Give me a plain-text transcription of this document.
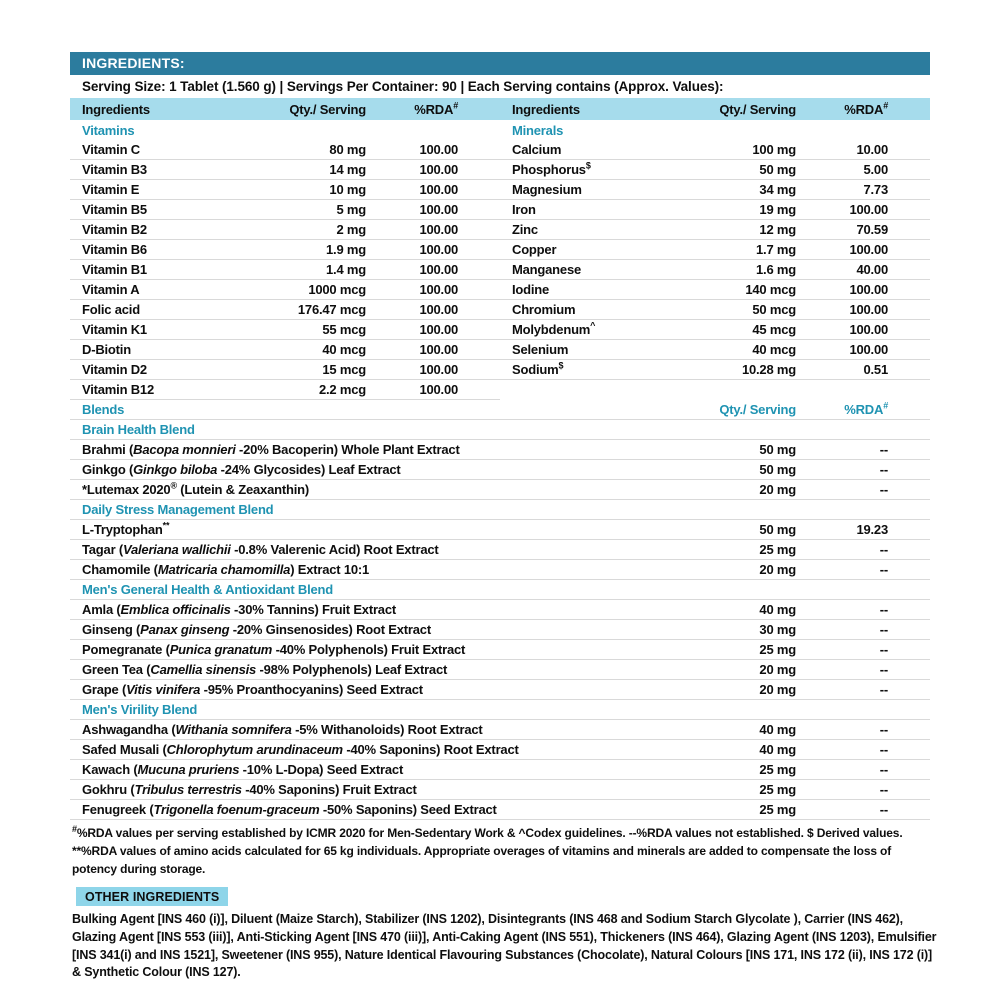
INGREDIENTS:
Serving Size: 1 Tablet (1.560 g) | Servings Per Container: 90 | Each Serving contains (Approx. Values):
Ingredients	Qty./ Serving	%RDA#	Ingredients	Qty./ Serving	%RDA#
Vitamins
Vitamin C	80 mg	100.00
Vitamin B3	14 mg	100.00
Vitamin E	10 mg	100.00
Vitamin B5	5 mg	100.00
Vitamin B2	2 mg	100.00
Vitamin B6	1.9 mg	100.00
Vitamin B1	1.4 mg	100.00
Vitamin A	1000 mcg	100.00
Folic acid	176.47 mcg	100.00
Vitamin K1	55 mcg	100.00
D-Biotin	40 mcg	100.00
Vitamin D2	15 mcg	100.00
Vitamin B12	2.2 mcg	100.00
Minerals
Calcium	100 mg	10.00
Phosphorus$	50 mg	5.00
Magnesium	34 mg	7.73
Iron	19 mg	100.00
Zinc	12 mg	70.59
Copper	1.7 mg	100.00
Manganese	1.6 mg	40.00
Iodine	140 mcg	100.00
Chromium	50 mcg	100.00
Molybdenum^	45 mcg	100.00
Selenium	40 mcg	100.00
Sodium$	10.28 mg	0.51
Blends	Qty./ Serving	%RDA#
Brain Health Blend
Brahmi (Bacopa monnieri -20% Bacoperin) Whole Plant Extract	50 mg	--
Ginkgo (Ginkgo biloba -24% Glycosides) Leaf Extract	50 mg	--
*Lutemax 2020® (Lutein & Zeaxanthin)	20 mg	--
Daily Stress Management Blend
L-Tryptophan**	50 mg	19.23
Tagar (Valeriana wallichii -0.8% Valerenic Acid) Root Extract	25 mg	--
Chamomile (Matricaria chamomilla) Extract 10:1	20 mg	--
Men's General Health & Antioxidant Blend
Amla (Emblica officinalis -30% Tannins) Fruit Extract	40 mg	--
Ginseng (Panax ginseng -20% Ginsenosides) Root Extract	30 mg	--
Pomegranate (Punica granatum -40% Polyphenols) Fruit Extract	25 mg	--
Green Tea (Camellia sinensis -98% Polyphenols) Leaf Extract	20 mg	--
Grape (Vitis vinifera -95% Proanthocyanins) Seed Extract	20 mg	--
Men's Virility Blend
Ashwagandha (Withania somnifera -5% Withanoloids) Root Extract	40 mg	--
Safed Musali (Chlorophytum arundinaceum -40% Saponins) Root Extract	40 mg	--
Kawach (Mucuna pruriens -10% L-Dopa) Seed Extract	25 mg	--
Gokhru (Tribulus terrestris -40% Saponins) Fruit Extract	25 mg	--
Fenugreek (Trigonella foenum-graceum -50% Saponins) Seed Extract	25 mg	--
#%RDA values per serving established by ICMR 2020 for Men-Sedentary Work & ^Codex guidelines. --%RDA values not established. $ Derived values. **%RDA values of amino acids calculated for 65 kg individuals. Appropriate overages of vitamins and minerals are added to compensate the loss of potency during storage.
OTHER INGREDIENTS
Bulking Agent [INS 460 (i)], Diluent (Maize Starch), Stabilizer (INS 1202), Disintegrants (INS 468 and Sodium Starch Glycolate ), Carrier (INS 462), Glazing Agent [INS 553 (iii)], Anti-Sticking Agent [INS 470 (iii)], Anti-Caking Agent (INS 551), Thickeners (INS 464), Glazing Agent (INS 1203), Emulsifier [INS 341(i) and INS 1521], Sweetener (INS 955), Nature Identical Flavouring Substances (Chocolate), Natural Colours [INS 171, INS 172 (ii), INS 172 (i)] & Synthetic Colour (INS 127).
